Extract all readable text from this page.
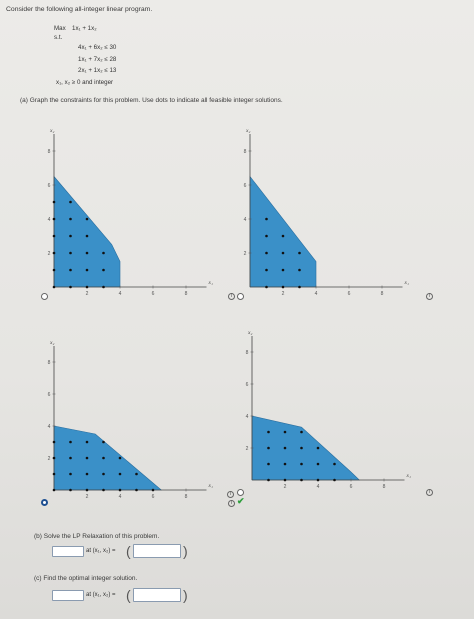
Consider the following all-integer linear program.
Max 1x₁ + 1x₂
s.t.
4x₁ + 6x₂ ≤ 30
1x₁ + 7x₂ ≤ 28
2x₁ + 1x₂ ≤ 13
x₁, x₂ ≥ 0 and integer
(a) Graph the constraints for this problem. Use dots to indicate all feasible integer solutions.
2	4	6	8
2
4
6
8
x₁
x₂
2	4	6	8
2
4
6
8
x₁
x₂
i	i
2	4	6	8
2
4
6
8
x₁
x₂
i
2	4	6	8
2
4
6
8
x₁
x₂
i ✔
i
(b) Solve the LP Relaxation of this problem.
at (x₁, x₂) = (	)
(c) Find the optimal integer solution.
at (x₁, x₂) = (	)
